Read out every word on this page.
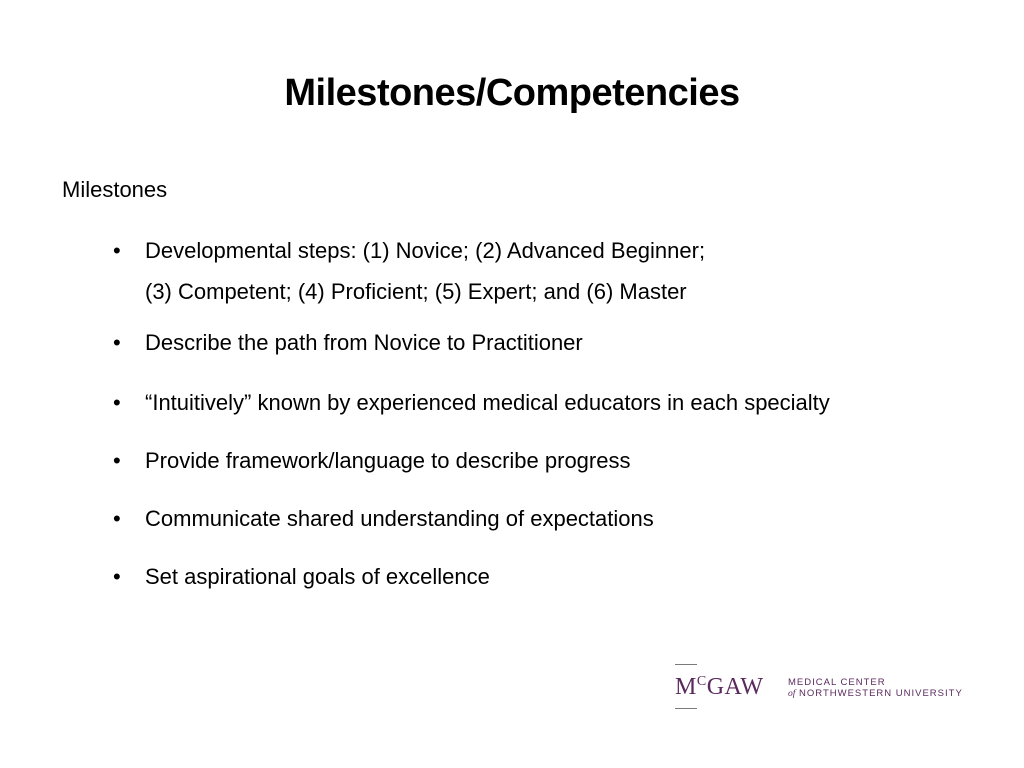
Milestones/Competencies
Milestones
• Developmental steps: (1) Novice; (2) Advanced Beginner;
(3) Competent; (4) Proficient; (5) Expert; and (6) Master
• Describe the path from Novice to Practitioner
• “Intuitively” known by experienced medical educators in each specialty
• Provide framework/language to describe progress
• Communicate shared understanding of expectations
• Set aspirational goals of excellence
$M^CGAW$	MEDICAL CENTER
of NORTHWESTERN UNIVERSITY
